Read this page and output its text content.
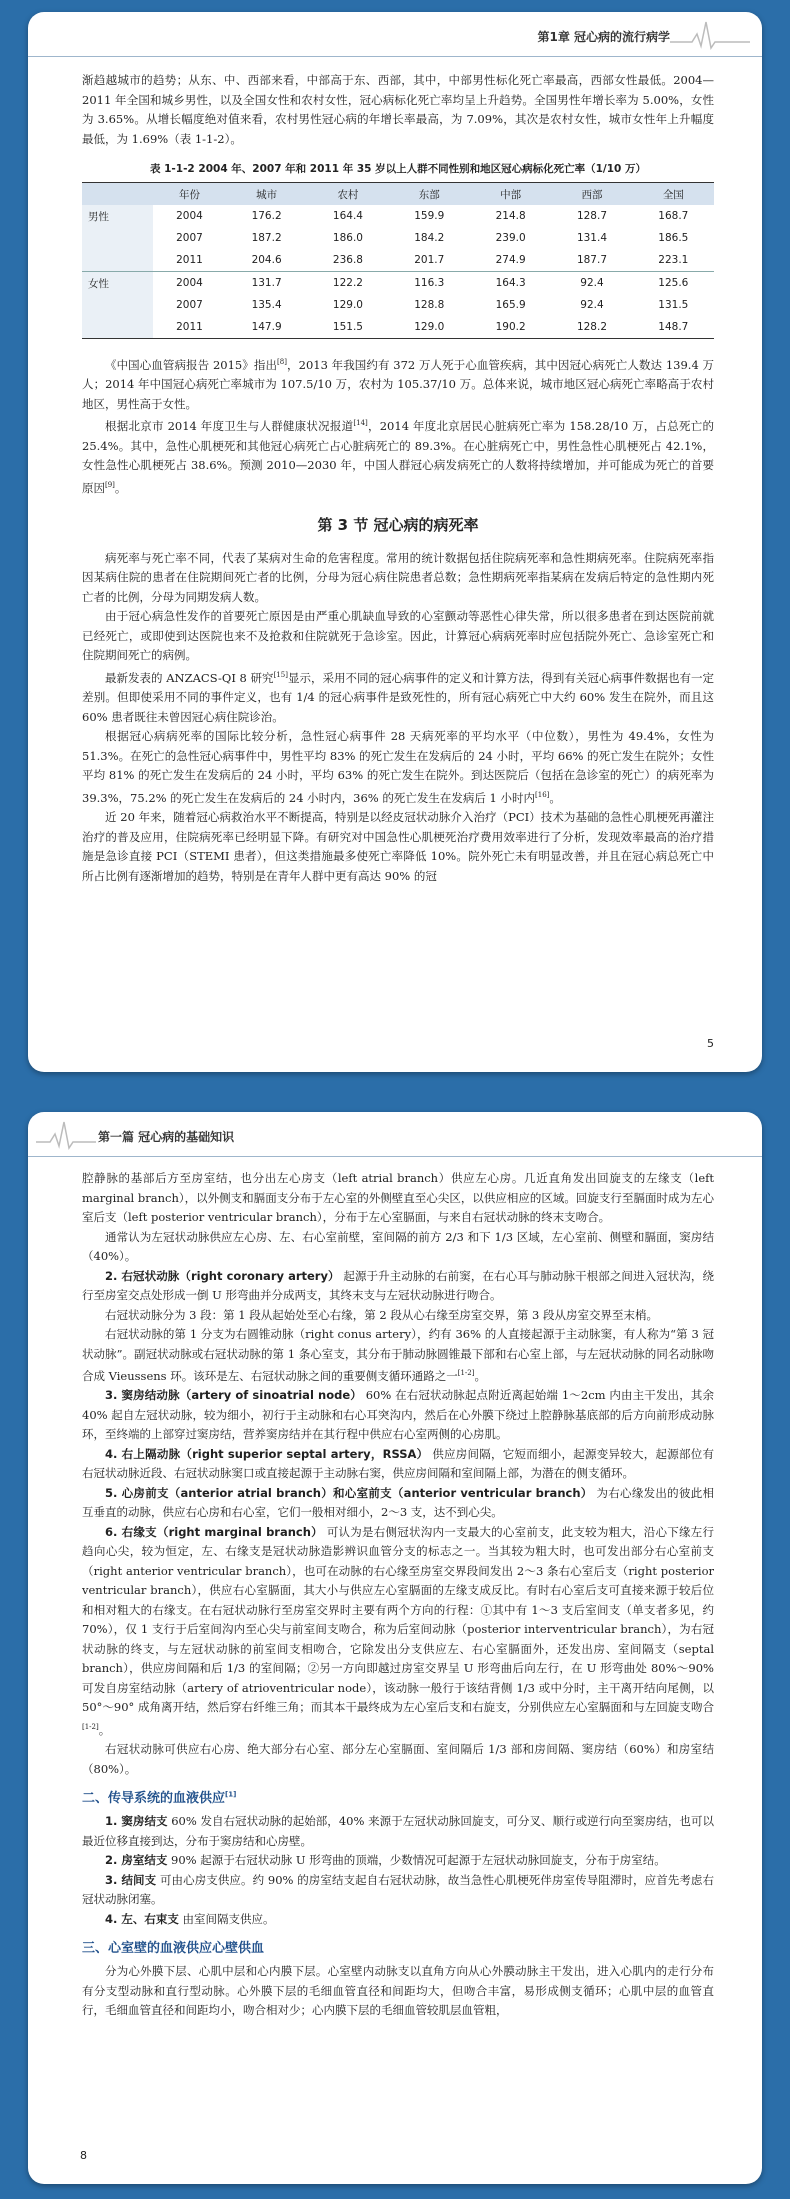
第1章 冠心病的流行病学

渐趋越城市的趋势；从东、中、西部来看，中部高于东、西部，其中，中部男性标化死亡率最高，西部女性最低。2004—2011 年全国和城乡男性，以及全国女性和农村女性，冠心病标化死亡率均呈上升趋势。全国男性年增长率为 5.00%，女性为 3.65%。从增长幅度绝对值来看，农村男性冠心病的年增长率最高，为 7.09%，其次是农村女性，城市女性年上升幅度最低，为 1.69%（表 1-1-2）。

表 1-1-2 2004 年、2007 年和 2011 年 35 岁以上人群不同性别和地区冠心病标化死亡率（1/10 万）
	年份	城市	农村	东部	中部	西部	全国
男性	2004	176.2	164.4	159.9	214.8	128.7	168.7
	2007	187.2	186.0	184.2	239.0	131.4	186.5
	2011	204.6	236.8	201.7	274.9	187.7	223.1
女性	2004	131.7	122.2	116.3	164.3	92.4	125.6
	2007	135.4	129.0	128.8	165.9	92.4	131.5
	2011	147.9	151.5	129.0	190.2	128.2	148.7

《中国心血管病报告 2015》指出[8]，2013 年我国约有 372 万人死于心血管疾病，其中因冠心病死亡人数达 139.4 万人；2014 年中国冠心病死亡率城市为 107.5/10 万，农村为 105.37/10 万。总体来说，城市地区冠心病死亡率略高于农村地区，男性高于女性。

根据北京市 2014 年度卫生与人群健康状况报道[14]，2014 年度北京居民心脏病死亡率为 158.28/10 万，占总死亡的 25.4%。其中，急性心肌梗死和其他冠心病死亡占心脏病死亡的 89.3%。在心脏病死亡中，男性急性心肌梗死占 42.1%，女性急性心肌梗死占 38.6%。预测 2010—2030 年，中国人群冠心病发病死亡的人数将持续增加，并可能成为死亡的首要原因[9]。

第 3 节 冠心病的病死率

病死率与死亡率不同，代表了某病对生命的危害程度。常用的统计数据包括住院病死率和急性期病死率。住院病死率指因某病住院的患者在住院期间死亡者的比例，分母为冠心病住院患者总数；急性期病死率指某病在发病后特定的急性期内死亡者的比例，分母为同期发病人数。

由于冠心病急性发作的首要死亡原因是由严重心肌缺血导致的心室颤动等恶性心律失常，所以很多患者在到达医院前就已经死亡，或即使到达医院也来不及抢救和住院就死于急诊室。因此，计算冠心病病死率时应包括院外死亡、急诊室死亡和住院期间死亡的病例。

最新发表的 ANZACS-QI 8 研究[15]显示，采用不同的冠心病事件的定义和计算方法，得到有关冠心病事件数据也有一定差别。但即使采用不同的事件定义，也有 1/4 的冠心病事件是致死性的，所有冠心病死亡中大约 60% 发生在院外，而且这 60% 患者既往未曾因冠心病住院诊治。

根据冠心病病死率的国际比较分析，急性冠心病事件 28 天病死率的平均水平（中位数），男性为 49.4%，女性为 51.3%。在死亡的急性冠心病事件中，男性平均 83% 的死亡发生在发病后的 24 小时，平均 66% 的死亡发生在院外；女性平均 81% 的死亡发生在发病后的 24 小时，平均 63% 的死亡发生在院外。到达医院后（包括在急诊室的死亡）的病死率为 39.3%，75.2% 的死亡发生在发病后的 24 小时内，36% 的死亡发生在发病后 1 小时内[16]。

近 20 年来，随着冠心病救治水平不断提高，特别是以经皮冠状动脉介入治疗（PCI）技术为基础的急性心肌梗死再灌注治疗的普及应用，住院病死率已经明显下降。有研究对中国急性心肌梗死治疗费用效率进行了分析，发现效率最高的治疗措施是急诊直接 PCI（STEMI 患者），但这类措施最多使死亡率降低 10%。院外死亡未有明显改善，并且在冠心病总死亡中所占比例有逐渐增加的趋势，特别是在青年人群中更有高达 90% 的冠

5
第一篇 冠心病的基础知识

腔静脉的基部后方至房室结，也分出左心房支（left atrial branch）供应左心房。几近直角发出回旋支的左缘支（left marginal branch），以外侧支和膈面支分布于左心室的外侧壁直至心尖区，以供应相应的区域。回旋支行至膈面时成为左心室后支（left posterior ventricular branch），分布于左心室膈面，与来自右冠状动脉的终末支吻合。

通常认为左冠状动脉供应左心房、左、右心室前壁，室间隔的前方 2/3 和下 1/3 区域，左心室前、侧壁和膈面，窦房结（40%）。

2. 右冠状动脉（right coronary artery） 起源于升主动脉的右前窦，在右心耳与肺动脉干根部之间进入冠状沟，绕行至房室交点处形成一倒 U 形弯曲并分成两支，其终末支与左冠状动脉进行吻合。

右冠状动脉分为 3 段：第 1 段从起始处至心右缘，第 2 段从心右缘至房室交界，第 3 段从房室交界至末梢。

右冠状动脉的第 1 分支为右圆锥动脉（right conus artery），约有 36% 的人直接起源于主动脉窦，有人称为“第 3 冠状动脉”。副冠状动脉或右冠状动脉的第 1 条心室支，其分布于肺动脉圆锥最下部和右心室上部，与左冠状动脉的同名动脉吻合成 Vieussens 环。该环是左、右冠状动脉之间的重要侧支循环通路之一[1-2]。

3. 窦房结动脉（artery of sinoatrial node） 60% 在右冠状动脉起点附近离起始端 1～2cm 内由主干发出，其余 40% 起自左冠状动脉，较为细小，初行于主动脉和右心耳突沟内，然后在心外膜下绕过上腔静脉基底部的后方向前形成动脉环，至终端的上部穿过窦房结，营养窦房结并在其行程中供应右心室两侧的心房肌。

4. 右上隔动脉（right superior septal artery，RSSA） 供应房间隔，它短而细小，起源变异较大，起源部位有右冠状动脉近段、右冠状动脉窦口或直接起源于主动脉右窦，供应房间隔和室间隔上部，为潜在的侧支循环。

5. 心房前支（anterior atrial branch）和心室前支（anterior ventricular branch） 为右心缘发出的彼此相互垂直的动脉，供应右心房和右心室，它们一般相对细小，2～3 支，达不到心尖。

6. 右缘支（right marginal branch） 可认为是右侧冠状沟内一支最大的心室前支，此支较为粗大，沿心下缘左行趋向心尖，较为恒定，左、右缘支是冠状动脉造影辨识血管分支的标志之一。当其较为粗大时，也可发出部分右心室前支（right anterior ventricular branch），也可在动脉的右心缘至房室交界段间发出 2～3 条右心室后支（right posterior ventricular branch），供应右心室膈面，其大小与供应左心室膈面的左缘支成反比。有时右心室后支可直接来源于较后位和相对粗大的右缘支。在右冠状动脉行至房室交界时主要有两个方向的行程：①其中有 1～3 支后室间支（单支者多见，约 70%），仅 1 支行于后室间沟内至心尖与前室间支吻合，称为后室间动脉（posterior interventricular branch），为右冠状动脉的终支，与左冠状动脉的前室间支相吻合，它除发出分支供应左、右心室膈面外，还发出房、室间隔支（septal branch），供应房间隔和后 1/3 的室间隔；②另一方向即越过房室交界呈 U 形弯曲后向左行，在 U 形弯曲处 80%～90% 可发自房室结动脉（artery of atrioventricular node），该动脉一般行于该结背侧 1/3 或中分时，主干离开结向尾侧，以 50°～90° 成角离开结，然后穿右纤维三角；而其本干最终成为左心室后支和右旋支，分别供应左心室膈面和与左回旋支吻合[1-2]。

右冠状动脉可供应右心房、绝大部分右心室、部分左心室膈面、室间隔后 1/3 部和房间隔、窦房结（60%）和房室结（80%）。

二、传导系统的血液供应[1]

1. 窦房结支 60% 发自右冠状动脉的起始部，40% 来源于左冠状动脉回旋支，可分叉、顺行或逆行向至窦房结，也可以最近位移直接到达，分布于窦房结和心房壁。

2. 房室结支 90% 起源于右冠状动脉 U 形弯曲的顶端，少数情况可起源于左冠状动脉回旋支，分布于房室结。

3. 结间支 可由心房支供应。约 90% 的房室结支起自右冠状动脉，故当急性心肌梗死伴房室传导阻滞时，应首先考虑右冠状动脉闭塞。

4. 左、右束支 由室间隔支供应。

三、心室壁的血液供应心壁供血

分为心外膜下层、心肌中层和心内膜下层。心室壁内动脉支以直角方向从心外膜动脉主干发出，进入心肌内的走行分布有分支型动脉和直行型动脉。心外膜下层的毛细血管直径和间距均大，但吻合丰富，易形成侧支循环；心肌中层的血管直行，毛细血管直径和间距均小，吻合相对少；心内膜下层的毛细血管较肌层血管粗，

8
